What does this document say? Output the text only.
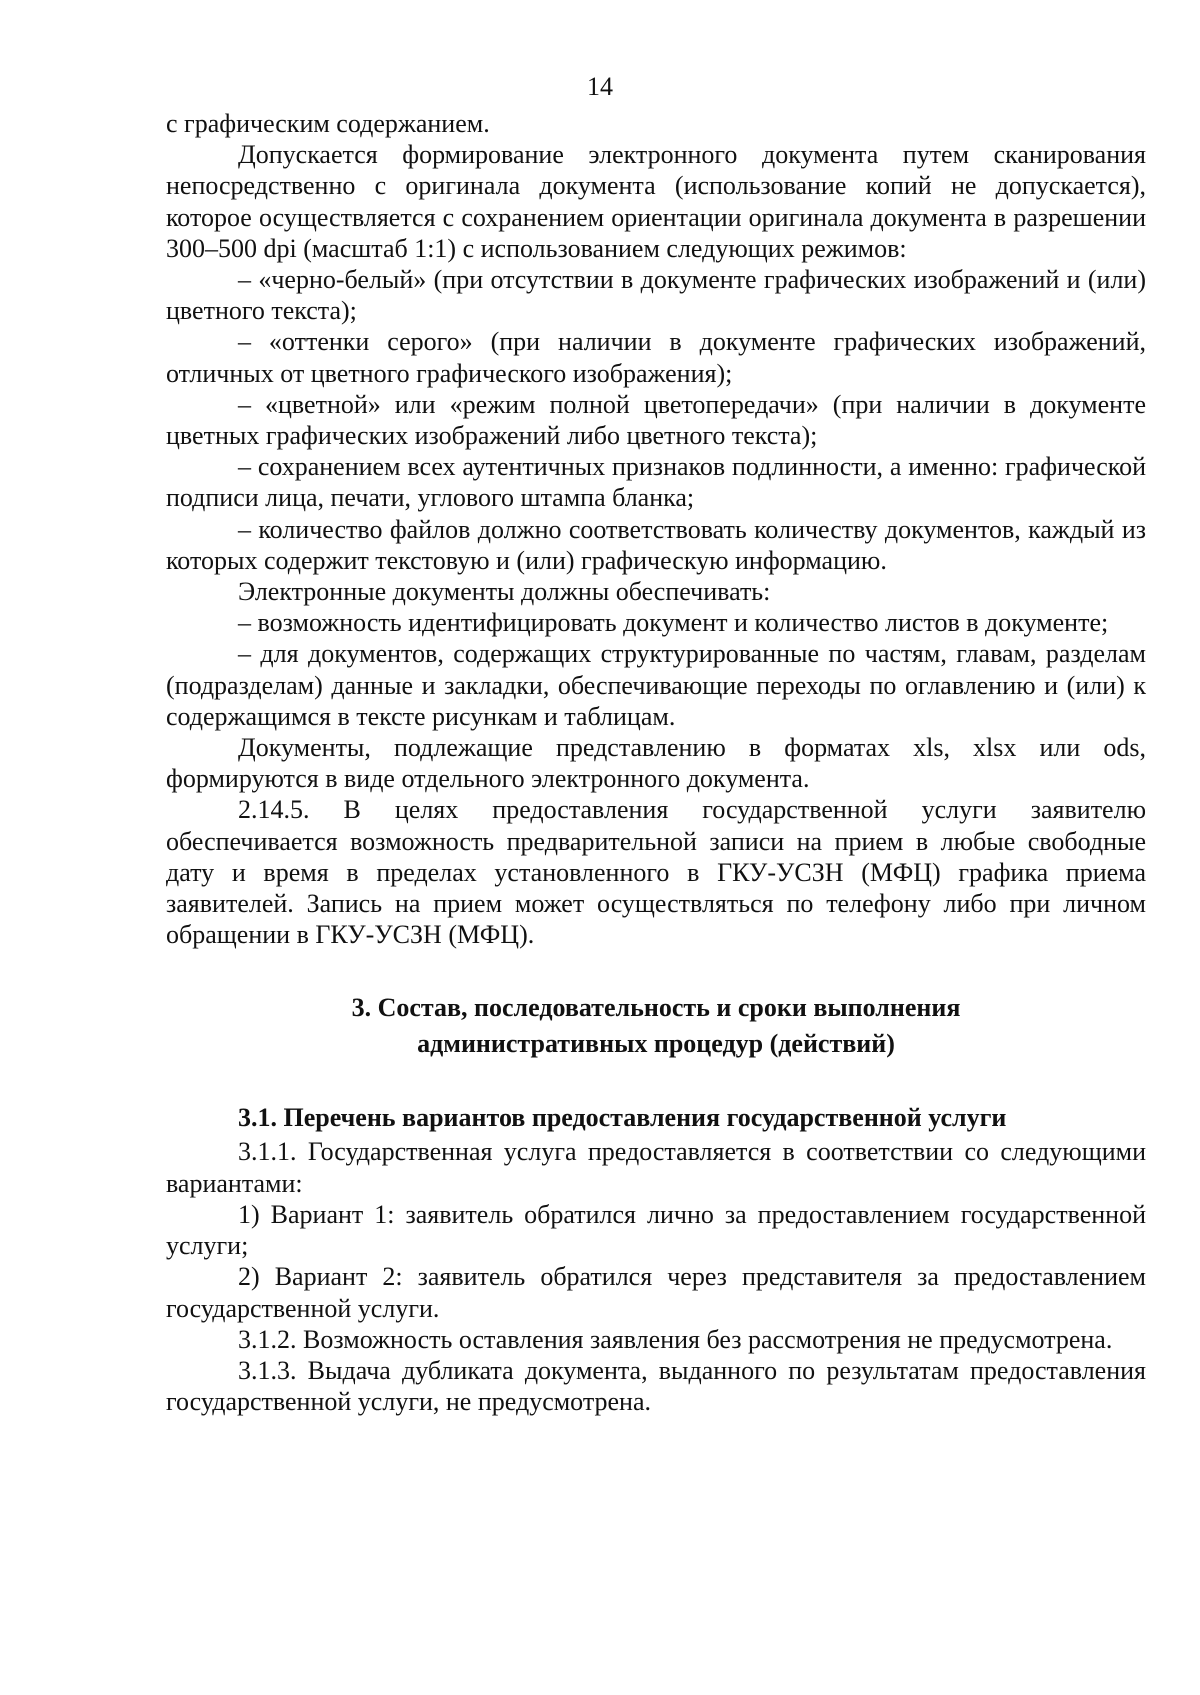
14

с графическим содержанием.

Допускается формирование электронного документа путем сканирования непосредственно с оригинала документа (использование копий не допускается), которое осуществляется с сохранением ориентации оригинала документа в разрешении 300–500 dpi (масштаб 1:1) с использованием следующих режимов:

– «черно-белый» (при отсутствии в документе графических изображений и (или) цветного текста);

– «оттенки серого» (при наличии в документе графических изображений, отличных от цветного графического изображения);

– «цветной» или «режим полной цветопередачи» (при наличии в документе цветных графических изображений либо цветного текста);

– сохранением всех аутентичных признаков подлинности, а именно: графической подписи лица, печати, углового штампа бланка;

– количество файлов должно соответствовать количеству документов, каждый из которых содержит текстовую и (или) графическую информацию.

Электронные документы должны обеспечивать:

– возможность идентифицировать документ и количество листов в документе;

– для документов, содержащих структурированные по частям, главам, разделам (подразделам) данные и закладки, обеспечивающие переходы по оглавлению и (или) к содержащимся в тексте рисункам и таблицам.

Документы, подлежащие представлению в форматах xls, xlsx или ods, формируются в виде отдельного электронного документа.

2.14.5. В целях предоставления государственной услуги заявителю обеспечивается возможность предварительной записи на прием в любые свободные дату и время в пределах установленного в ГКУ-УСЗН (МФЦ) графика приема заявителей. Запись на прием может осуществляться по телефону либо при личном обращении в ГКУ-УСЗН (МФЦ).

3. Состав, последовательность и сроки выполнения
административных процедур (действий)

3.1. Перечень вариантов предоставления государственной услуги

3.1.1. Государственная услуга предоставляется в соответствии со следующими вариантами:

1) Вариант 1: заявитель обратился лично за предоставлением государственной услуги;

2) Вариант 2: заявитель обратился через представителя за предоставлением государственной услуги.

3.1.2. Возможность оставления заявления без рассмотрения не предусмотрена.

3.1.3. Выдача дубликата документа, выданного по результатам предоставления государственной услуги, не предусмотрена.
